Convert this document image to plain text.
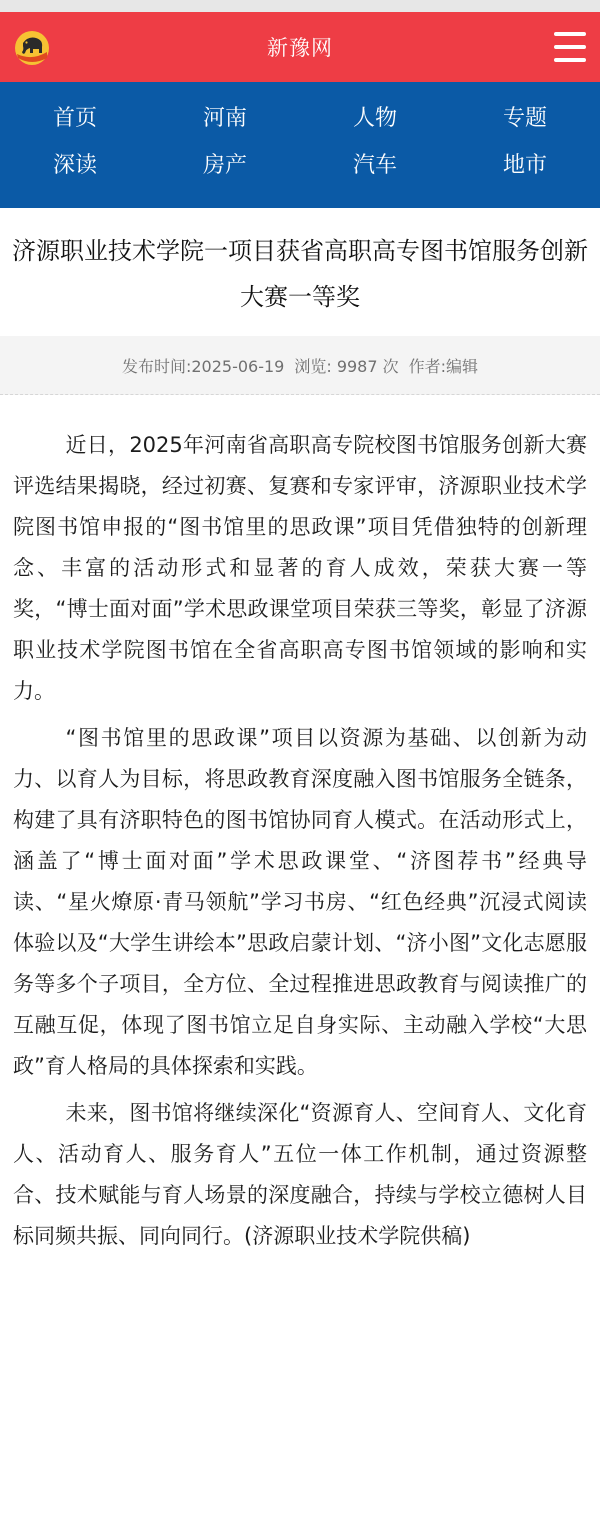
新豫网
首页	河南	人物	专题
深读	房产	汽车	地市
济源职业技术学院一项目获省高职高专图书馆服务创新大赛一等奖
发布时间:2025-06-19 浏览: 9987 次 作者:编辑

近日，2025年河南省高职高专院校图书馆服务创新大赛评选结果揭晓，经过初赛、复赛和专家评审，济源职业技术学院图书馆申报的“图书馆里的思政课”项目凭借独特的创新理念、丰富的活动形式和显著的育人成效，荣获大赛一等奖，“博士面对面”学术思政课堂项目荣获三等奖，彰显了济源职业技术学院图书馆在全省高职高专图书馆领域的影响和实力。

“图书馆里的思政课”项目以资源为基础、以创新为动力、以育人为目标，将思政教育深度融入图书馆服务全链条，构建了具有济职特色的图书馆协同育人模式。在活动形式上，涵盖了“博士面对面”学术思政课堂、“济图荐书”经典导读、“星火燎原·青马领航”学习书房、“红色经典”沉浸式阅读体验以及“大学生讲绘本”思政启蒙计划、“济小图”文化志愿服务等多个子项目，全方位、全过程推进思政教育与阅读推广的互融互促，体现了图书馆立足自身实际、主动融入学校“大思政”育人格局的具体探索和实践。

未来，图书馆将继续深化“资源育人、空间育人、文化育人、活动育人、服务育人”五位一体工作机制，通过资源整合、技术赋能与育人场景的深度融合，持续与学校立德树人目标同频共振、同向同行。(济源职业技术学院供稿)
